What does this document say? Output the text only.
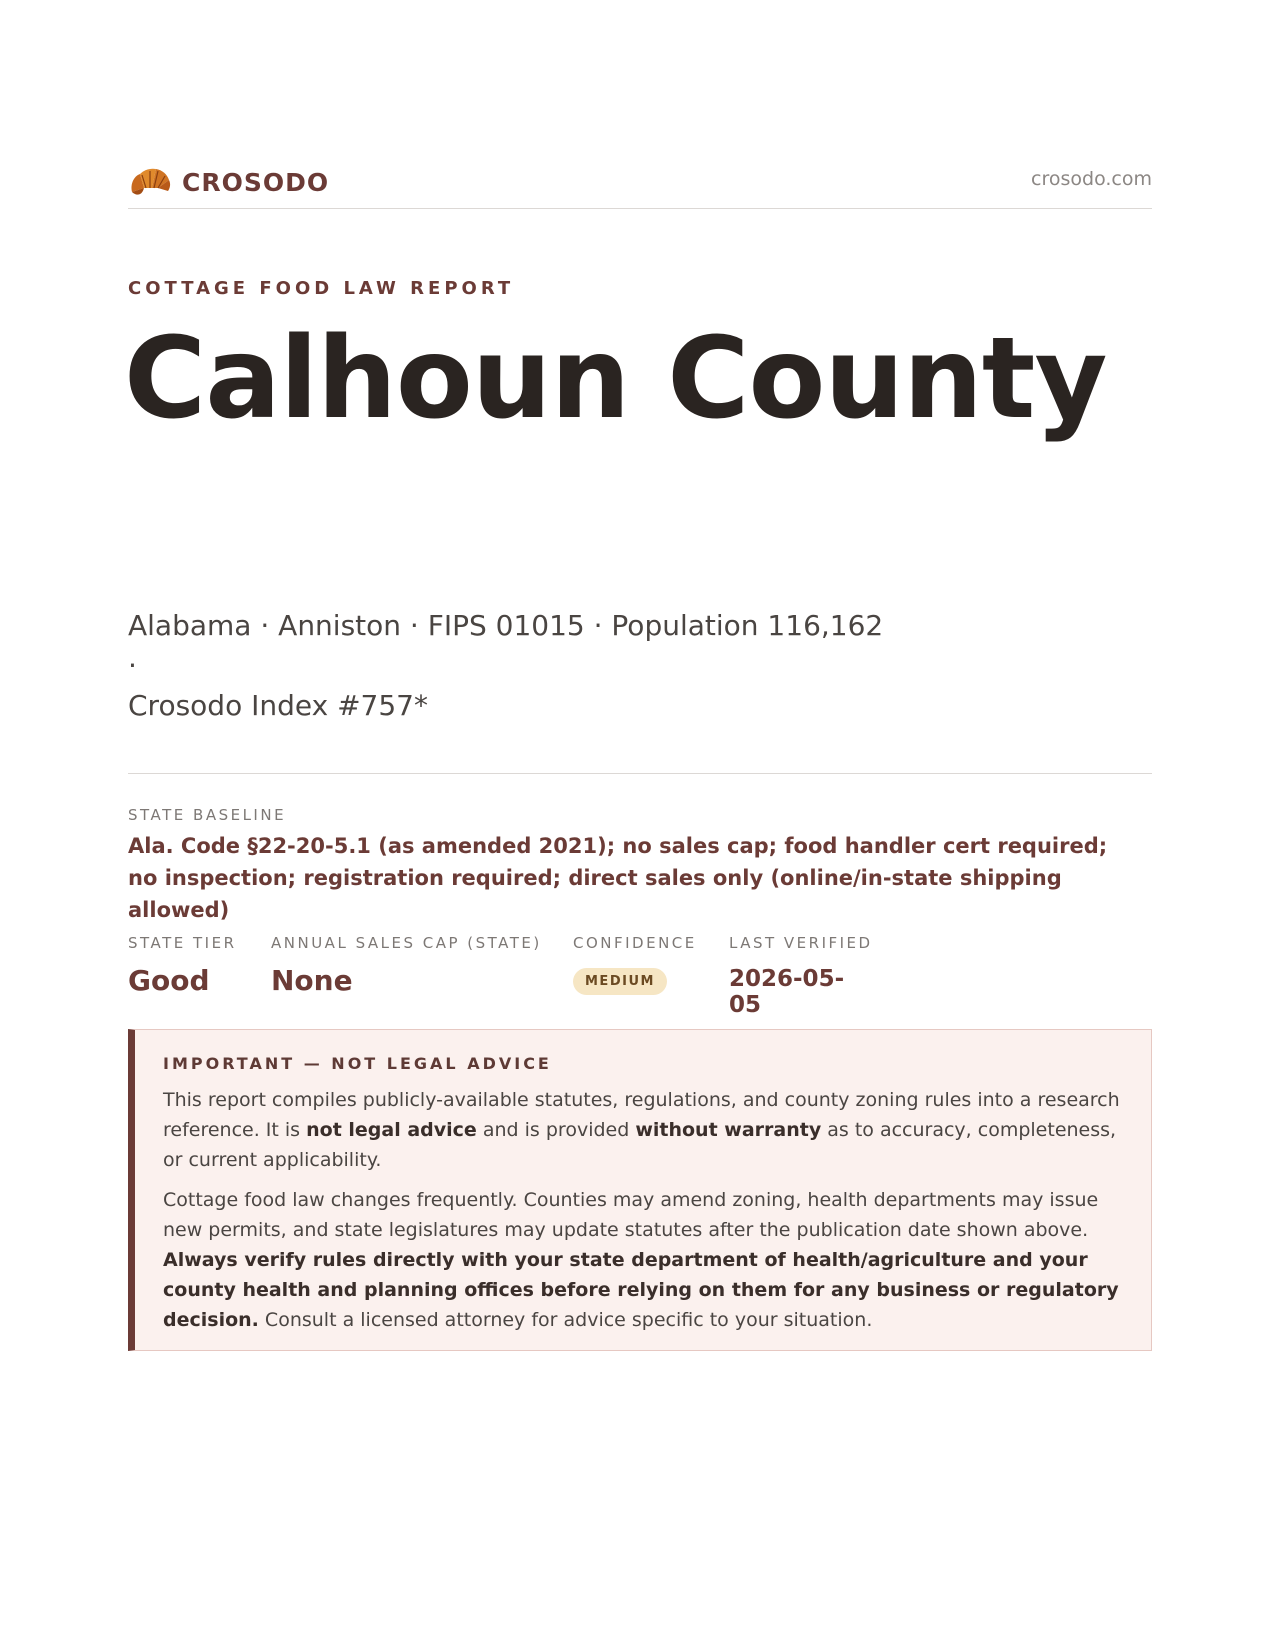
CROSODO	crosodo.com
COTTAGE FOOD LAW REPORT
Calhoun County
Alabama · Anniston · FIPS 01015 · Population 116,162 ·
Crosodo Index #757*
STATE BASELINE
Ala. Code §22-20-5.1 (as amended 2021); no sales cap; food handler cert required; no inspection; registration required; direct sales only (online/in-state shipping allowed)
STATE TIER
Good
ANNUAL SALES CAP (STATE)
None
CONFIDENCE
MEDIUM
LAST VERIFIED
2026-05-05
IMPORTANT — NOT LEGAL ADVICE

This report compiles publicly-available statutes, regulations, and county zoning rules into a research reference. It is not legal advice and is provided without warranty as to accuracy, completeness, or current applicability.

Cottage food law changes frequently. Counties may amend zoning, health departments may issue new permits, and state legislatures may update statutes after the publication date shown above. Always verify rules directly with your state department of health/agriculture and your county health and planning offices before relying on them for any business or regulatory decision. Consult a licensed attorney for advice specific to your situation.
